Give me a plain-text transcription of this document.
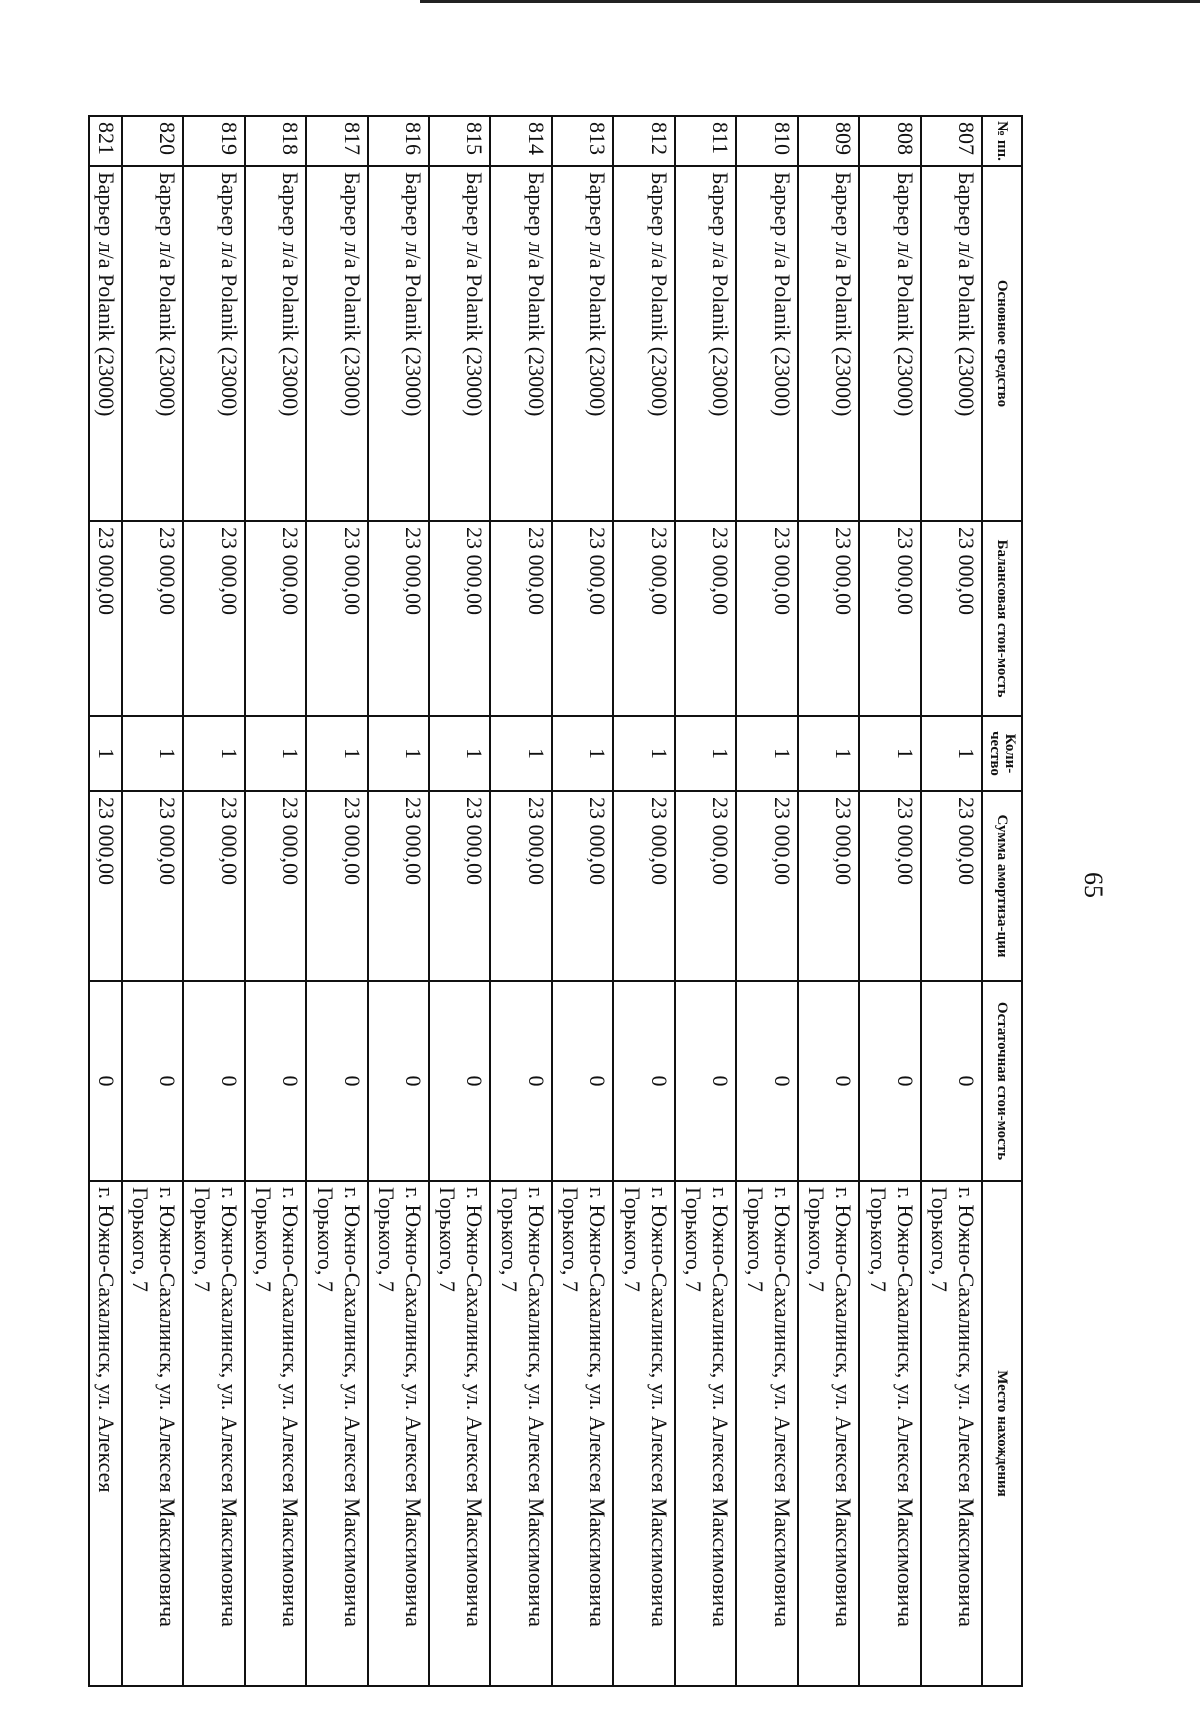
65
№ пп.	Основное средство	Балансовая стои-мость	Коли-чество	Сумма амортиза-ции	Остаточная стои-мость	Место нахождения
807	Барьер л/а Polanik (23000)	23 000,00	1	23 000,00	0	г. Южно-Сахалинск, ул. Алексея Максимовича Горького, 7
808	Барьер л/а Polanik (23000)	23 000,00	1	23 000,00	0	г. Южно-Сахалинск, ул. Алексея Максимовича Горького, 7
809	Барьер л/а Polanik (23000)	23 000,00	1	23 000,00	0	г. Южно-Сахалинск, ул. Алексея Максимовича Горького, 7
810	Барьер л/а Polanik (23000)	23 000,00	1	23 000,00	0	г. Южно-Сахалинск, ул. Алексея Максимовича Горького, 7
811	Барьер л/а Polanik (23000)	23 000,00	1	23 000,00	0	г. Южно-Сахалинск, ул. Алексея Максимовича Горького, 7
812	Барьер л/а Polanik (23000)	23 000,00	1	23 000,00	0	г. Южно-Сахалинск, ул. Алексея Максимовича Горького, 7
813	Барьер л/а Polanik (23000)	23 000,00	1	23 000,00	0	г. Южно-Сахалинск, ул. Алексея Максимовича Горького, 7
814	Барьер л/а Polanik (23000)	23 000,00	1	23 000,00	0	г. Южно-Сахалинск, ул. Алексея Максимовича Горького, 7
815	Барьер л/а Polanik (23000)	23 000,00	1	23 000,00	0	г. Южно-Сахалинск, ул. Алексея Максимовича Горького, 7
816	Барьер л/а Polanik (23000)	23 000,00	1	23 000,00	0	г. Южно-Сахалинск, ул. Алексея Максимовича Горького, 7
817	Барьер л/а Polanik (23000)	23 000,00	1	23 000,00	0	г. Южно-Сахалинск, ул. Алексея Максимовича Горького, 7
818	Барьер л/а Polanik (23000)	23 000,00	1	23 000,00	0	г. Южно-Сахалинск, ул. Алексея Максимовича Горького, 7
819	Барьер л/а Polanik (23000)	23 000,00	1	23 000,00	0	г. Южно-Сахалинск, ул. Алексея Максимовича Горького, 7
820	Барьер л/а Polanik (23000)	23 000,00	1	23 000,00	0	г. Южно-Сахалинск, ул. Алексея Максимовича Горького, 7
821	Барьер л/а Polanik (23000)	23 000,00	1	23 000,00	0	г. Южно-Сахалинск, ул. Алексея
